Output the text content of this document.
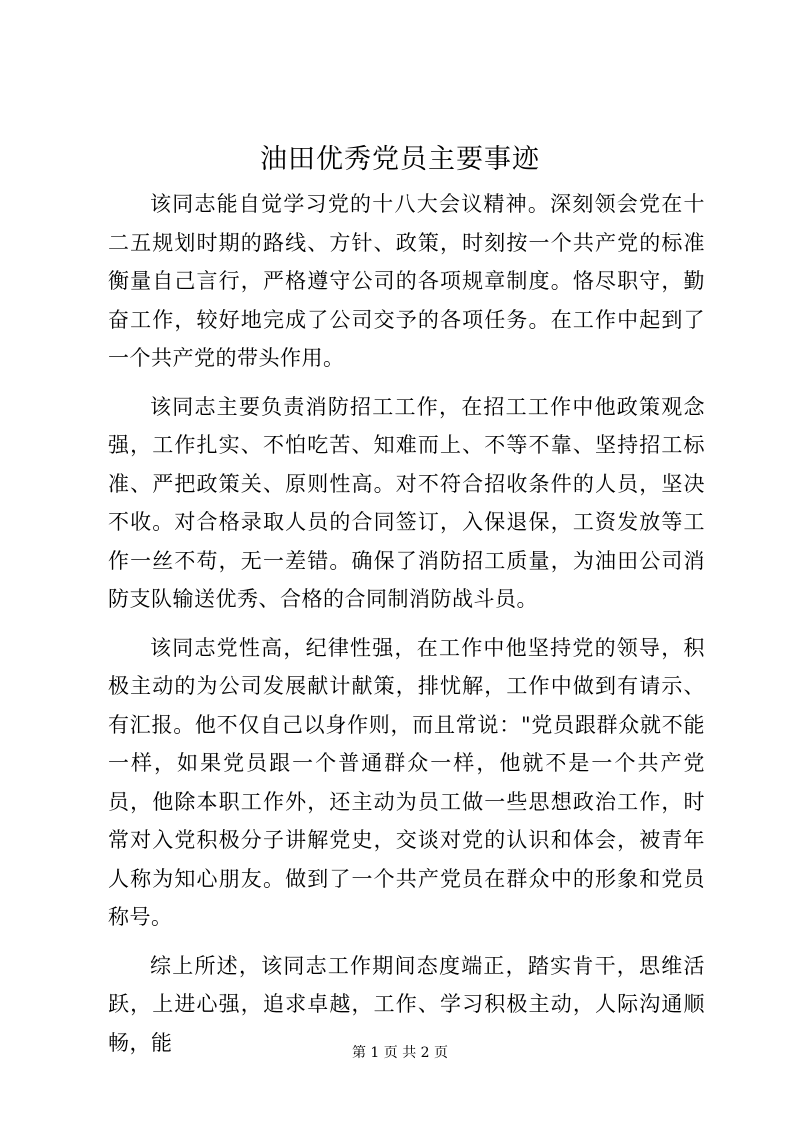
油田优秀党员主要事迹

该同志能自觉学习党的十八大会议精神。深刻领会党在十二五规划时期的路线、方针、政策，时刻按一个共产党的标准衡量自己言行，严格遵守公司的各项规章制度。恪尽职守，勤奋工作，较好地完成了公司交予的各项任务。在工作中起到了一个共产党的带头作用。

该同志主要负责消防招工工作，在招工工作中他政策观念强，工作扎实、不怕吃苦、知难而上、不等不靠、坚持招工标准、严把政策关、原则性高。对不符合招收条件的人员，坚决不收。对合格录取人员的合同签订，入保退保，工资发放等工作一丝不苟，无一差错。确保了消防招工质量，为油田公司消防支队输送优秀、合格的合同制消防战斗员。

该同志党性高，纪律性强，在工作中他坚持党的领导，积极主动的为公司发展献计献策，排忧解，工作中做到有请示、有汇报。他不仅自己以身作则，而且常说："党员跟群众就不能一样，如果党员跟一个普通群众一样，他就不是一个共产党员，他除本职工作外，还主动为员工做一些思想政治工作，时常对入党积极分子讲解党史，交谈对党的认识和体会，被青年人称为知心朋友。做到了一个共产党员在群众中的形象和党员称号。

综上所述，该同志工作期间态度端正，踏实肯干，思维活跃，上进心强，追求卓越，工作、学习积极主动，人际沟通顺畅，能	第 1 页 共 2 页
